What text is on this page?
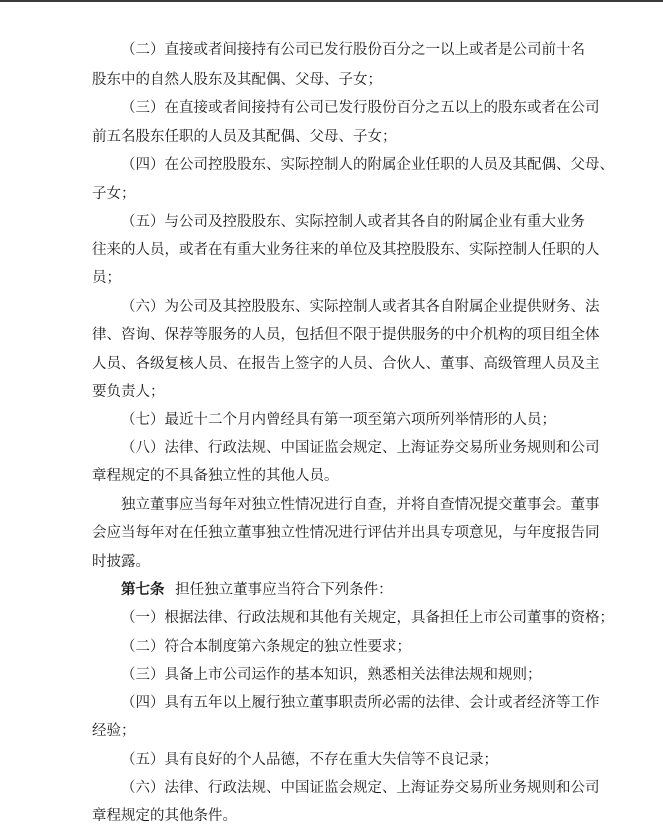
（二）直接或者间接持有公司已发行股份百分之一以上或者是公司前十名
股东中的自然人股东及其配偶、父母、子女；
（三）在直接或者间接持有公司已发行股份百分之五以上的股东或者在公司
前五名股东任职的人员及其配偶、父母、子女；
（四）在公司控股股东、实际控制人的附属企业任职的人员及其配偶、父母、
子女；
（五）与公司及控股股东、实际控制人或者其各自的附属企业有重大业务
往来的人员，或者在有重大业务往来的单位及其控股股东、实际控制人任职的人
员；
（六）为公司及其控股股东、实际控制人或者其各自附属企业提供财务、法
律、咨询、保荐等服务的人员，包括但不限于提供服务的中介机构的项目组全体
人员、各级复核人员、在报告上签字的人员、合伙人、董事、高级管理人员及主
要负责人；
（七）最近十二个月内曾经具有第一项至第六项所列举情形的人员；
（八）法律、行政法规、中国证监会规定、上海证券交易所业务规则和公司
章程规定的不具备独立性的其他人员。
独立董事应当每年对独立性情况进行自查，并将自查情况提交董事会。董事
会应当每年对在任独立董事独立性情况进行评估并出具专项意见，与年度报告同
时披露。
第七条 担任独立董事应当符合下列条件：
（一）根据法律、行政法规和其他有关规定，具备担任上市公司董事的资格；
（二）符合本制度第六条规定的独立性要求；
（三）具备上市公司运作的基本知识，熟悉相关法律法规和规则；
（四）具有五年以上履行独立董事职责所必需的法律、会计或者经济等工作
经验；
（五）具有良好的个人品德，不存在重大失信等不良记录；
（六）法律、行政法规、中国证监会规定、上海证券交易所业务规则和公司
章程规定的其他条件。
